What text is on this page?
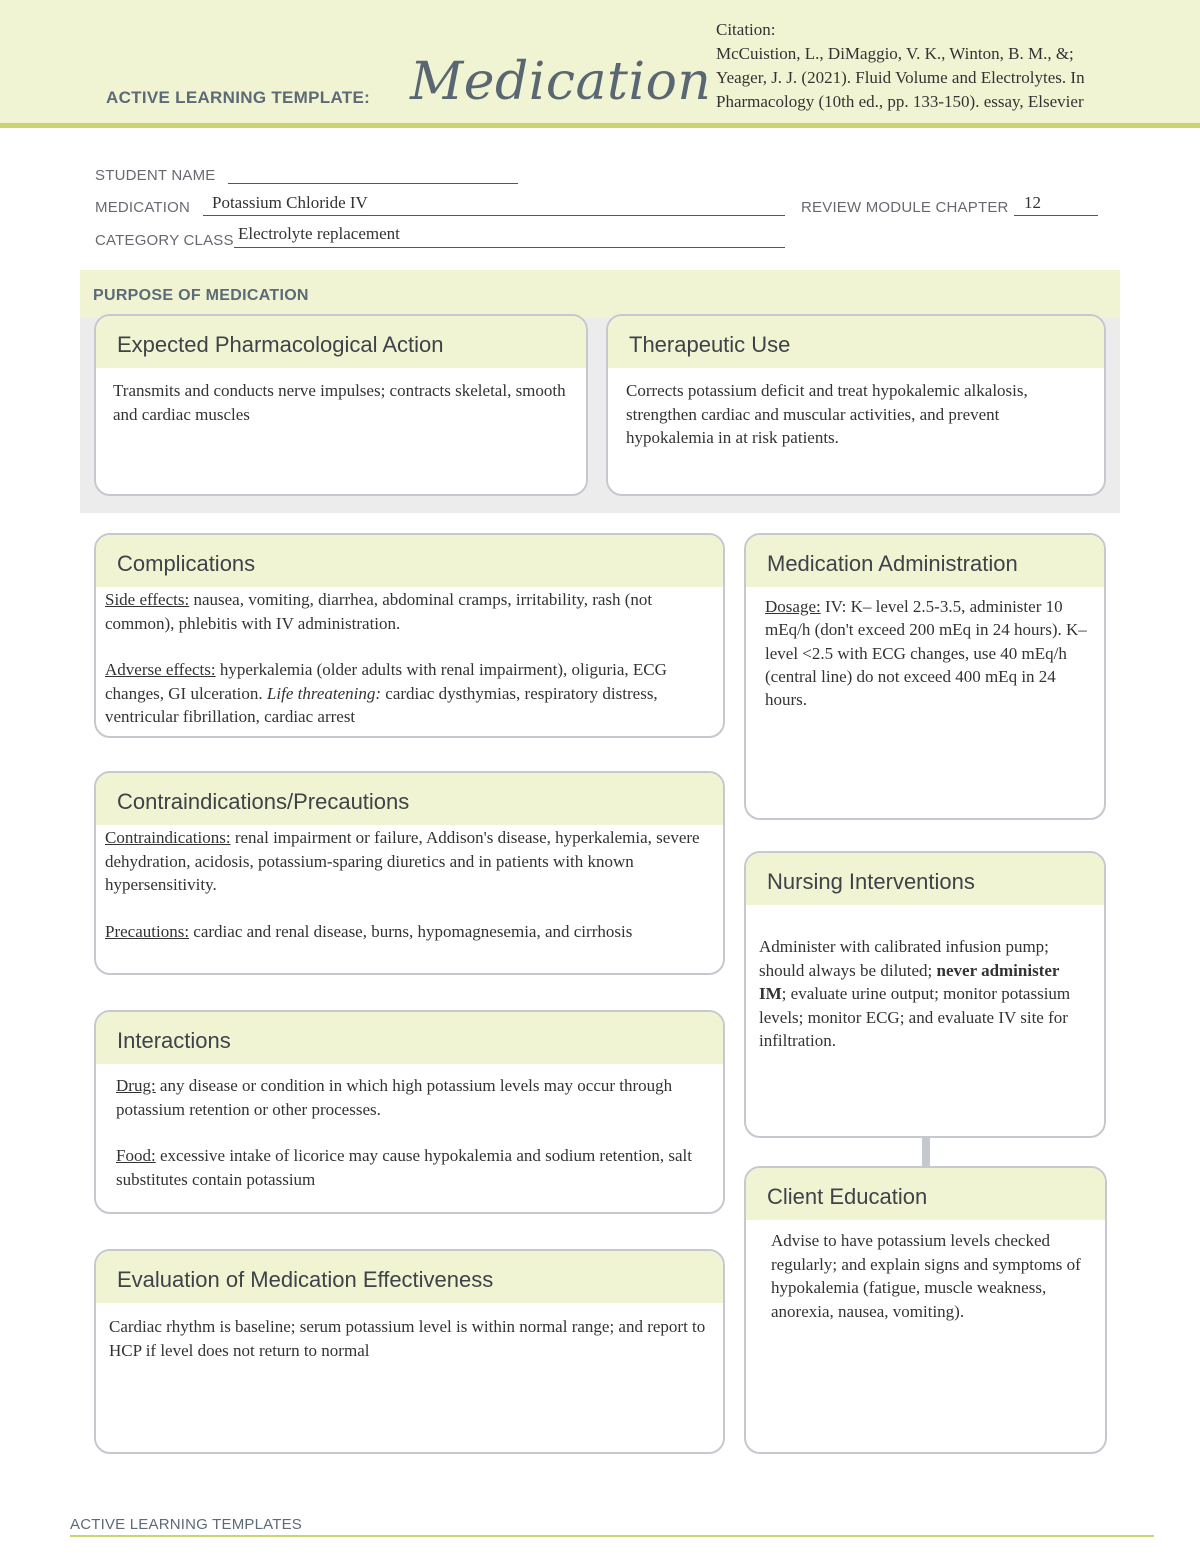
ACTIVE LEARNING TEMPLATE: Medication
Citation:
McCuistion, L., DiMaggio, V. K., Winton, B. M., &;
Yeager, J. J. (2021). Fluid Volume and Electrolytes. In
Pharmacology (10th ed., pp. 133-150). essay, Elsevier
STUDENT NAME
MEDICATION Potassium Chloride IV	REVIEW MODULE CHAPTER 12
CATEGORY CLASS Electrolyte replacement
PURPOSE OF MEDICATION
Expected Pharmacological Action
Transmits and conducts nerve impulses; contracts skeletal, smooth and cardiac muscles
Therapeutic Use
Corrects potassium deficit and treat hypokalemic alkalosis, strengthen cardiac and muscular activities, and prevent hypokalemia in at risk patients.
Complications

Side effects: nausea, vomiting, diarrhea, abdominal cramps, irritability, rash (not common), phlebitis with IV administration.

Adverse effects: hyperkalemia (older adults with renal impairment), oliguria, ECG changes, GI ulceration. Life threatening: cardiac dysthymias, respiratory distress, ventricular fibrillation, cardiac arrest

Contraindications/Precautions

Contraindications: renal impairment or failure, Addison's disease, hyperkalemia, severe dehydration, acidosis, potassium-sparing diuretics and in patients with known hypersensitivity.

Precautions: cardiac and renal disease, burns, hypomagnesemia, and cirrhosis

Interactions

Drug: any disease or condition in which high potassium levels may occur through potassium retention or other processes.

Food: excessive intake of licorice may cause hypokalemia and sodium retention, salt substitutes contain potassium

Evaluation of Medication Effectiveness
Cardiac rhythm is baseline; serum potassium level is within normal range; and report to HCP if level does not return to normal
Medication Administration

Dosage: IV: K– level 2.5-3.5, administer 10 mEq/h (don't exceed 200 mEq in 24 hours). K– level <2.5 with ECG changes, use 40 mEq/h (central line) do not exceed 400 mEq in 24 hours.

Nursing Interventions

Administer with calibrated infusion pump; should always be diluted; never administer IM; evaluate urine output; monitor potassium levels; monitor ECG; and evaluate IV site for infiltration.

Client Education
Advise to have potassium levels checked regularly; and explain signs and symptoms of hypokalemia (fatigue, muscle weakness, anorexia, nausea, vomiting).
ACTIVE LEARNING TEMPLATES
